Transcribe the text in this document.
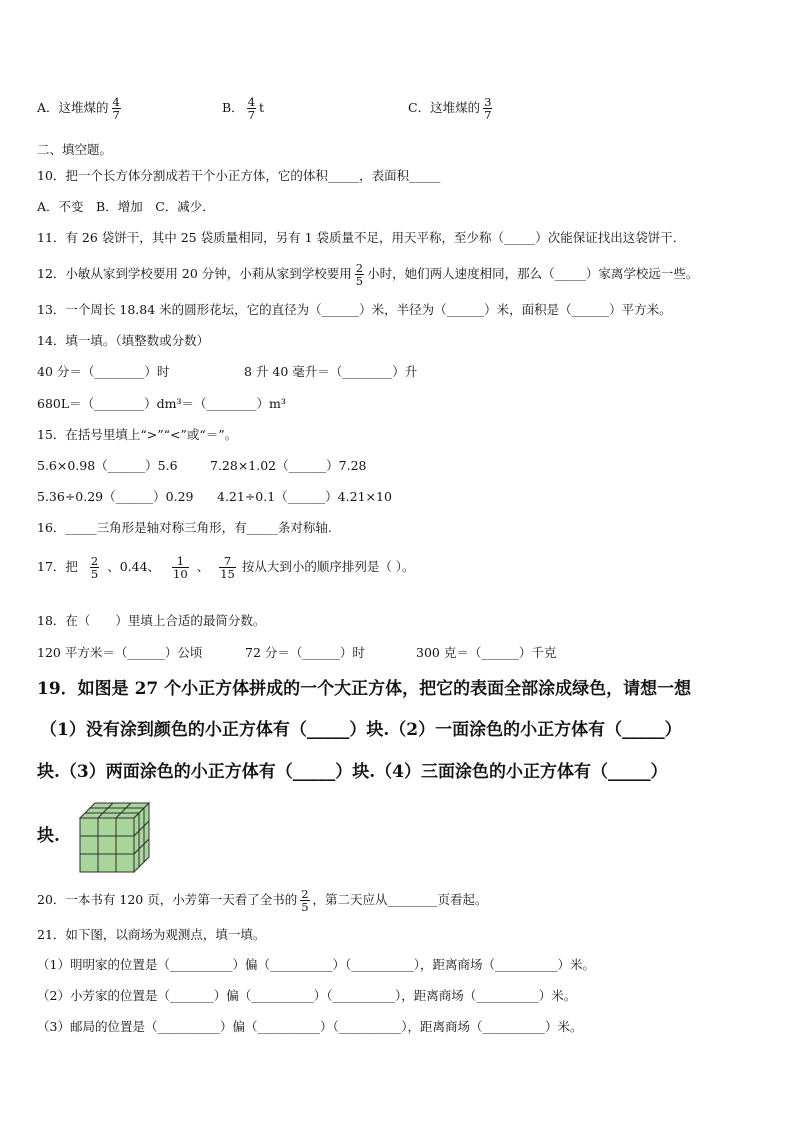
A．这堆煤的 $\frac{4}{7}$	B． $\frac{4}{7}$ t	C．这堆煤的 $\frac{3}{7}$
二、填空题。
10．把一个长方体分割成若干个小正方体，它的体积_____，表面积_____
A．不变　B．增加　C．减少．
11．有 26 袋饼干，其中 25 袋质量相同，另有 1 袋质量不足，用天平称，至少称（_____）次能保证找出这袋饼干．
12．小敏从家到学校要用 20 分钟，小莉从家到学校要用 $\frac{2}{5}$ 小时，她们两人速度相同，那么（_____）家离学校远一些。
13．一个周长 18.84 米的圆形花坛，它的直径为（______）米，半径为（______）米，面积是（______）平方米。
14．填一填。（填整数或分数）
40 分＝（________）时	8 升 40 毫升＝（________）升
680L＝（________）dm³＝（________）m³
15．在括号里填上“>”“<”或“＝”。
5.6×0.98（______）5.6	7.28×1.02（______）7.28
5.36÷0.29（______）0.29 4.21÷0.1（______）4.21×10
16．_____三角形是轴对称三角形，有_____条对称轴.
17．把 $\frac{2}{5}$ 、0.44、 $\frac{1}{10}$ 、 $\frac{7}{15}$ 按从大到小的顺序排列是（ ）。
18．在（　　）里填上合适的最简分数。
120 平方米＝（______）公顷	72 分＝（______）时	300 克＝（______）千克
19．如图是 27 个小正方体拼成的一个大正方体，把它的表面全部涂成绿色，请想一想
（1）没有涂到颜色的小正方体有（_____）块.（2）一面涂色的小正方体有（_____）
块.（3）两面涂色的小正方体有（_____）块.（4）三面涂色的小正方体有（_____）
块.
20．一本书有 120 页，小芳第一天看了全书的 $\frac{2}{5}$ ，第二天应从________页看起。
21．如下图，以商场为观测点，填一填。
（1）明明家的位置是（__________）偏（__________）（__________），距离商场（__________）米。
（2）小芳家的位置是（_______）偏（__________）（__________），距离商场（__________）米。
（3）邮局的位置是（__________）偏（__________）（__________），距离商场（__________）米。
